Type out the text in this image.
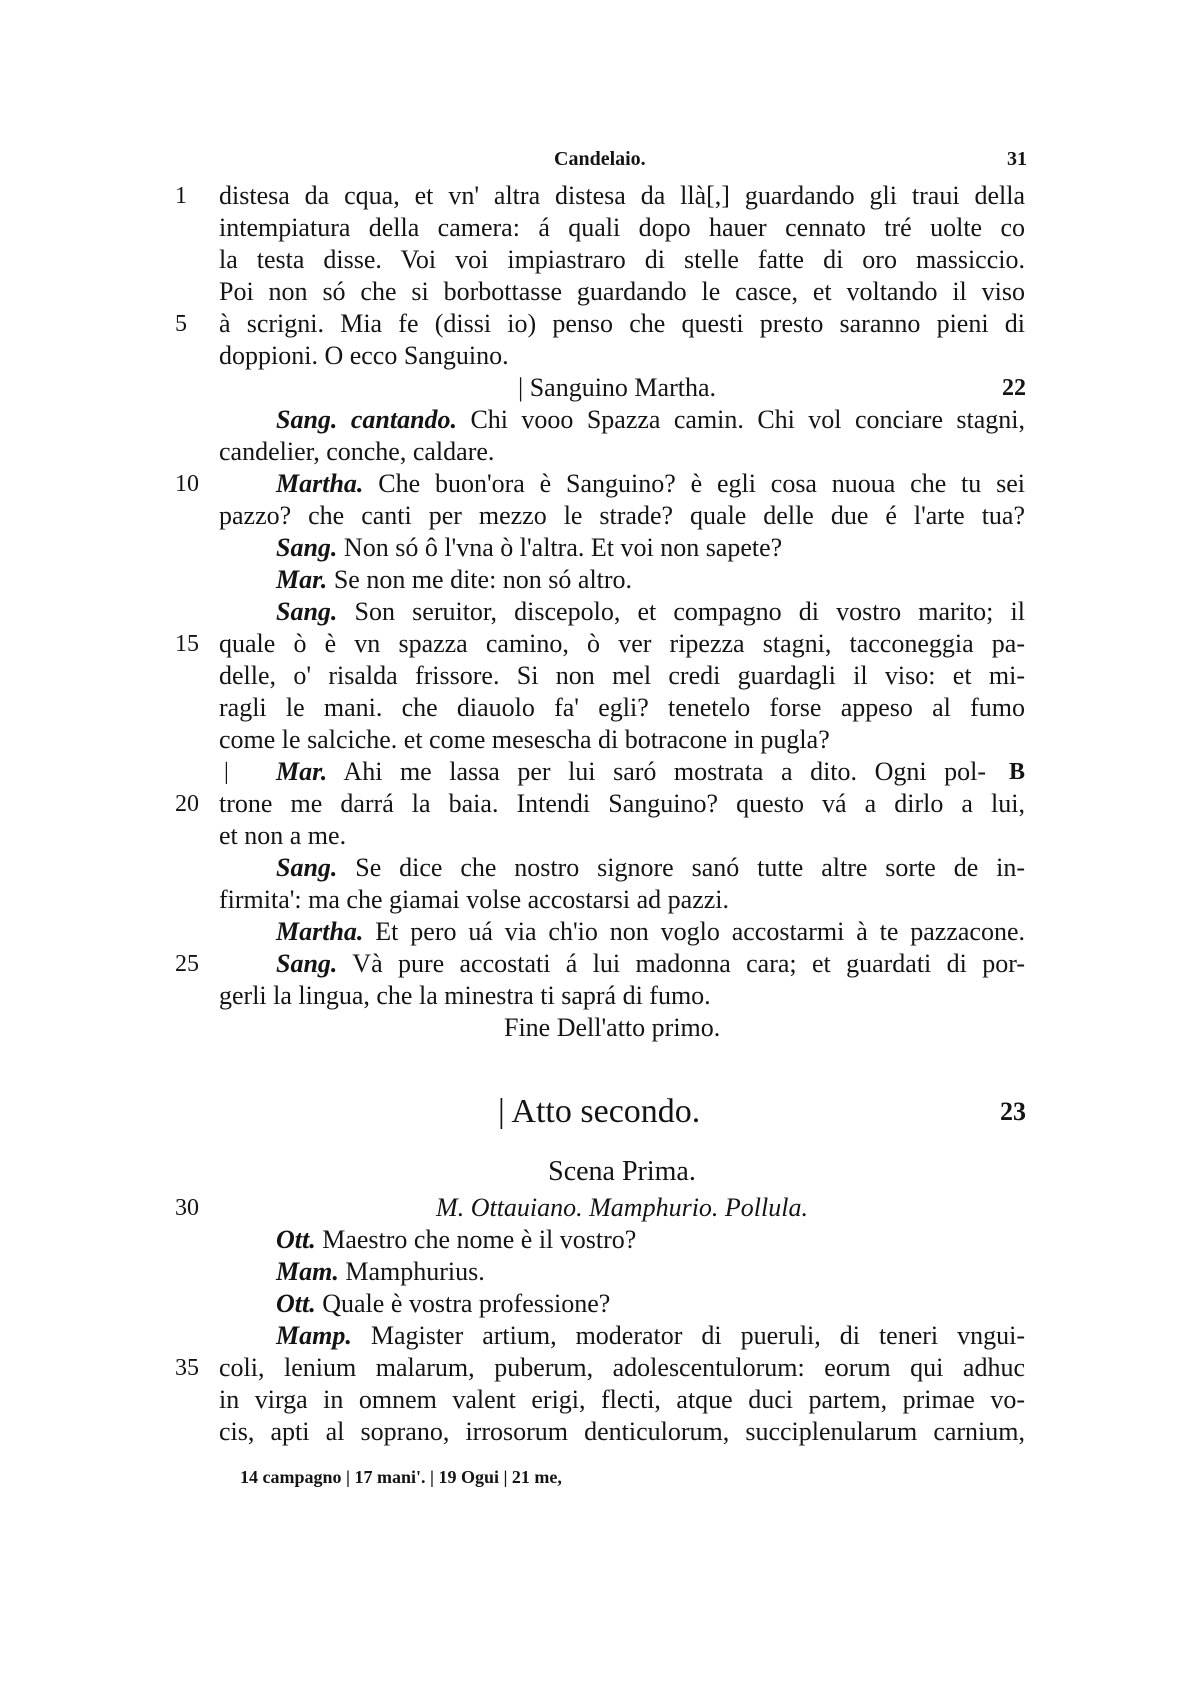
Candelaio.	31
1	distesa da cqua, et vn' altra distesa da llà[,] guardando gli traui della
intempiatura della camera: á quali dopo hauer cennato tré uolte co
la testa disse. Voi voi impiastraro di stelle fatte di oro massiccio.
Poi non só che si borbottasse guardando le casce, et voltando il viso
5	à scrigni. Mia fe (dissi io) penso che questi presto saranno pieni di
doppioni. O ecco Sanguino.
| Sanguino Martha.	22
Sang. cantando. Chi vooo Spazza camin. Chi vol conciare stagni,
candelier, conche, caldare.
10	Martha. Che buon'ora è Sanguino? è egli cosa nuoua che tu sei
pazzo? che canti per mezzo le strade? quale delle due é l'arte tua?
Sang. Non só ô l'vna ò l'altra. Et voi non sapete?
Mar. Se non me dite: non só altro.
Sang. Son seruitor, discepolo, et compagno di vostro marito; il
15 quale ò è vn spazza camino, ò ver ripezza stagni, tacconeggia pa-
delle, o' risalda frissore. Si non mel credi guardagli il viso: et mi-
ragli le mani. che diauolo fa' egli? tenetelo forse appeso al fumo
come le salciche. et come mesescha di botracone in pugla?
| Mar. Ahi me lassa per lui saró mostrata a dito. Ogni pol- B
20 trone me darrá la baia. Intendi Sanguino? questo vá a dirlo a lui,
et non a me.
Sang. Se dice che nostro signore sanó tutte altre sorte de in-
firmita': ma che giamai volse accostarsi ad pazzi.
Martha. Et pero uá via ch'io non voglo accostarmi à te pazzacone.
25	Sang. Và pure accostati á lui madonna cara; et guardati di por-
gerli la lingua, che la minestra ti saprá di fumo.
Fine Dell'atto primo.
| Atto secondo.	23
Scena Prima.
30	M. Ottauiano. Mamphurio. Pollula.
Ott. Maestro che nome è il vostro?
Mam. Mamphurius.
Ott. Quale è vostra professione?
Mamp. Magister artium, moderator di pueruli, di teneri vngui-
35 coli, lenium malarum, puberum, adolescentulorum: eorum qui adhuc
in virga in omnem valent erigi, flecti, atque duci partem, primae vo-
cis, apti al soprano, irrosorum denticulorum, succiplenularum carnium,
14 campagno | 17 mani'. | 19 Ogui | 21 me,
